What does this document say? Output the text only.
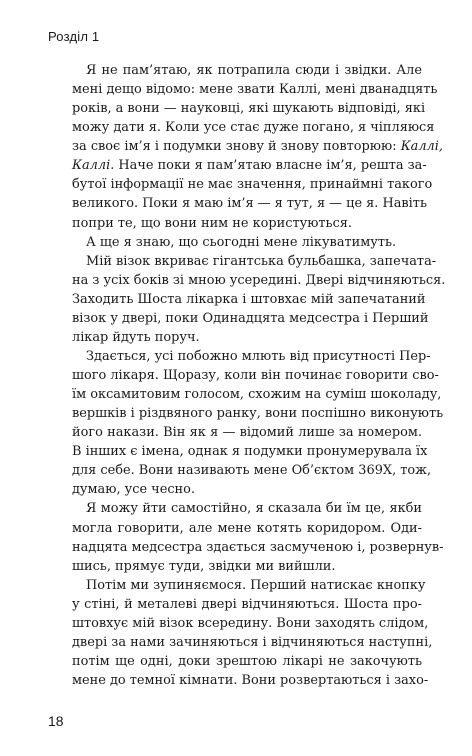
Розділ 1

Я не пам’ятаю, як потрапила сюди і звідки. Але
мені дещо відомо: мене звати Каллі, мені дванадцять
років, а вони — науковці, які шукають відповіді, які
можу дати я. Коли усе стає дуже погано, я чіпляюся
за своє ім’я і подумки знову й знову повторюю: Каллі,
Каллі. Наче поки я пам’ятаю власне ім’я, решта за-
бутої інформації не має значення, принаймні такого
великого. Поки я маю ім’я — я тут, я — це я. Навіть
попри те, що вони ним не користуються.

А ще я знаю, що сьогодні мене лікуватимуть.

Мій візок вкриває гігантська бульбашка, запечата-
на з усіх боків зі мною усередині. Двері відчиняються.
Заходить Шоста лікарка і штовхає мій запечатаний
візок у двері, поки Одинадцята медсестра і Перший
лікар йдуть поруч.

Здається, усі побожно млють від присутності Пер-
шого лікаря. Щоразу, коли він починає говорити сво-
їм оксамитовим голосом, схожим на суміш шоколаду,
вершків і різдвяного ранку, вони поспішно виконують
його накази. Він як я — відомий лише за номером.
В інших є імена, однак я подумки пронумерувала їх
для себе. Вони називають мене Об’єктом 369Х, тож,
думаю, усе чесно.

Я можу йти самостійно, я сказала би їм це, якби
могла говорити, але мене котять коридором. Оди-
надцята медсестра здається засмученою і, розвернув-
шись, прямує туди, звідки ми вийшли.

Потім ми зупиняємося. Перший натискає кнопку
у стіні, й металеві двері відчиняються. Шоста про-
штовхує мій візок всередину. Вони заходять слідом,
двері за нами зачиняються і відчиняються наступні,
потім ще одні, доки зрештою лікарі не закочують
мене до темної кімнати. Вони розвертаються і захо-

18
